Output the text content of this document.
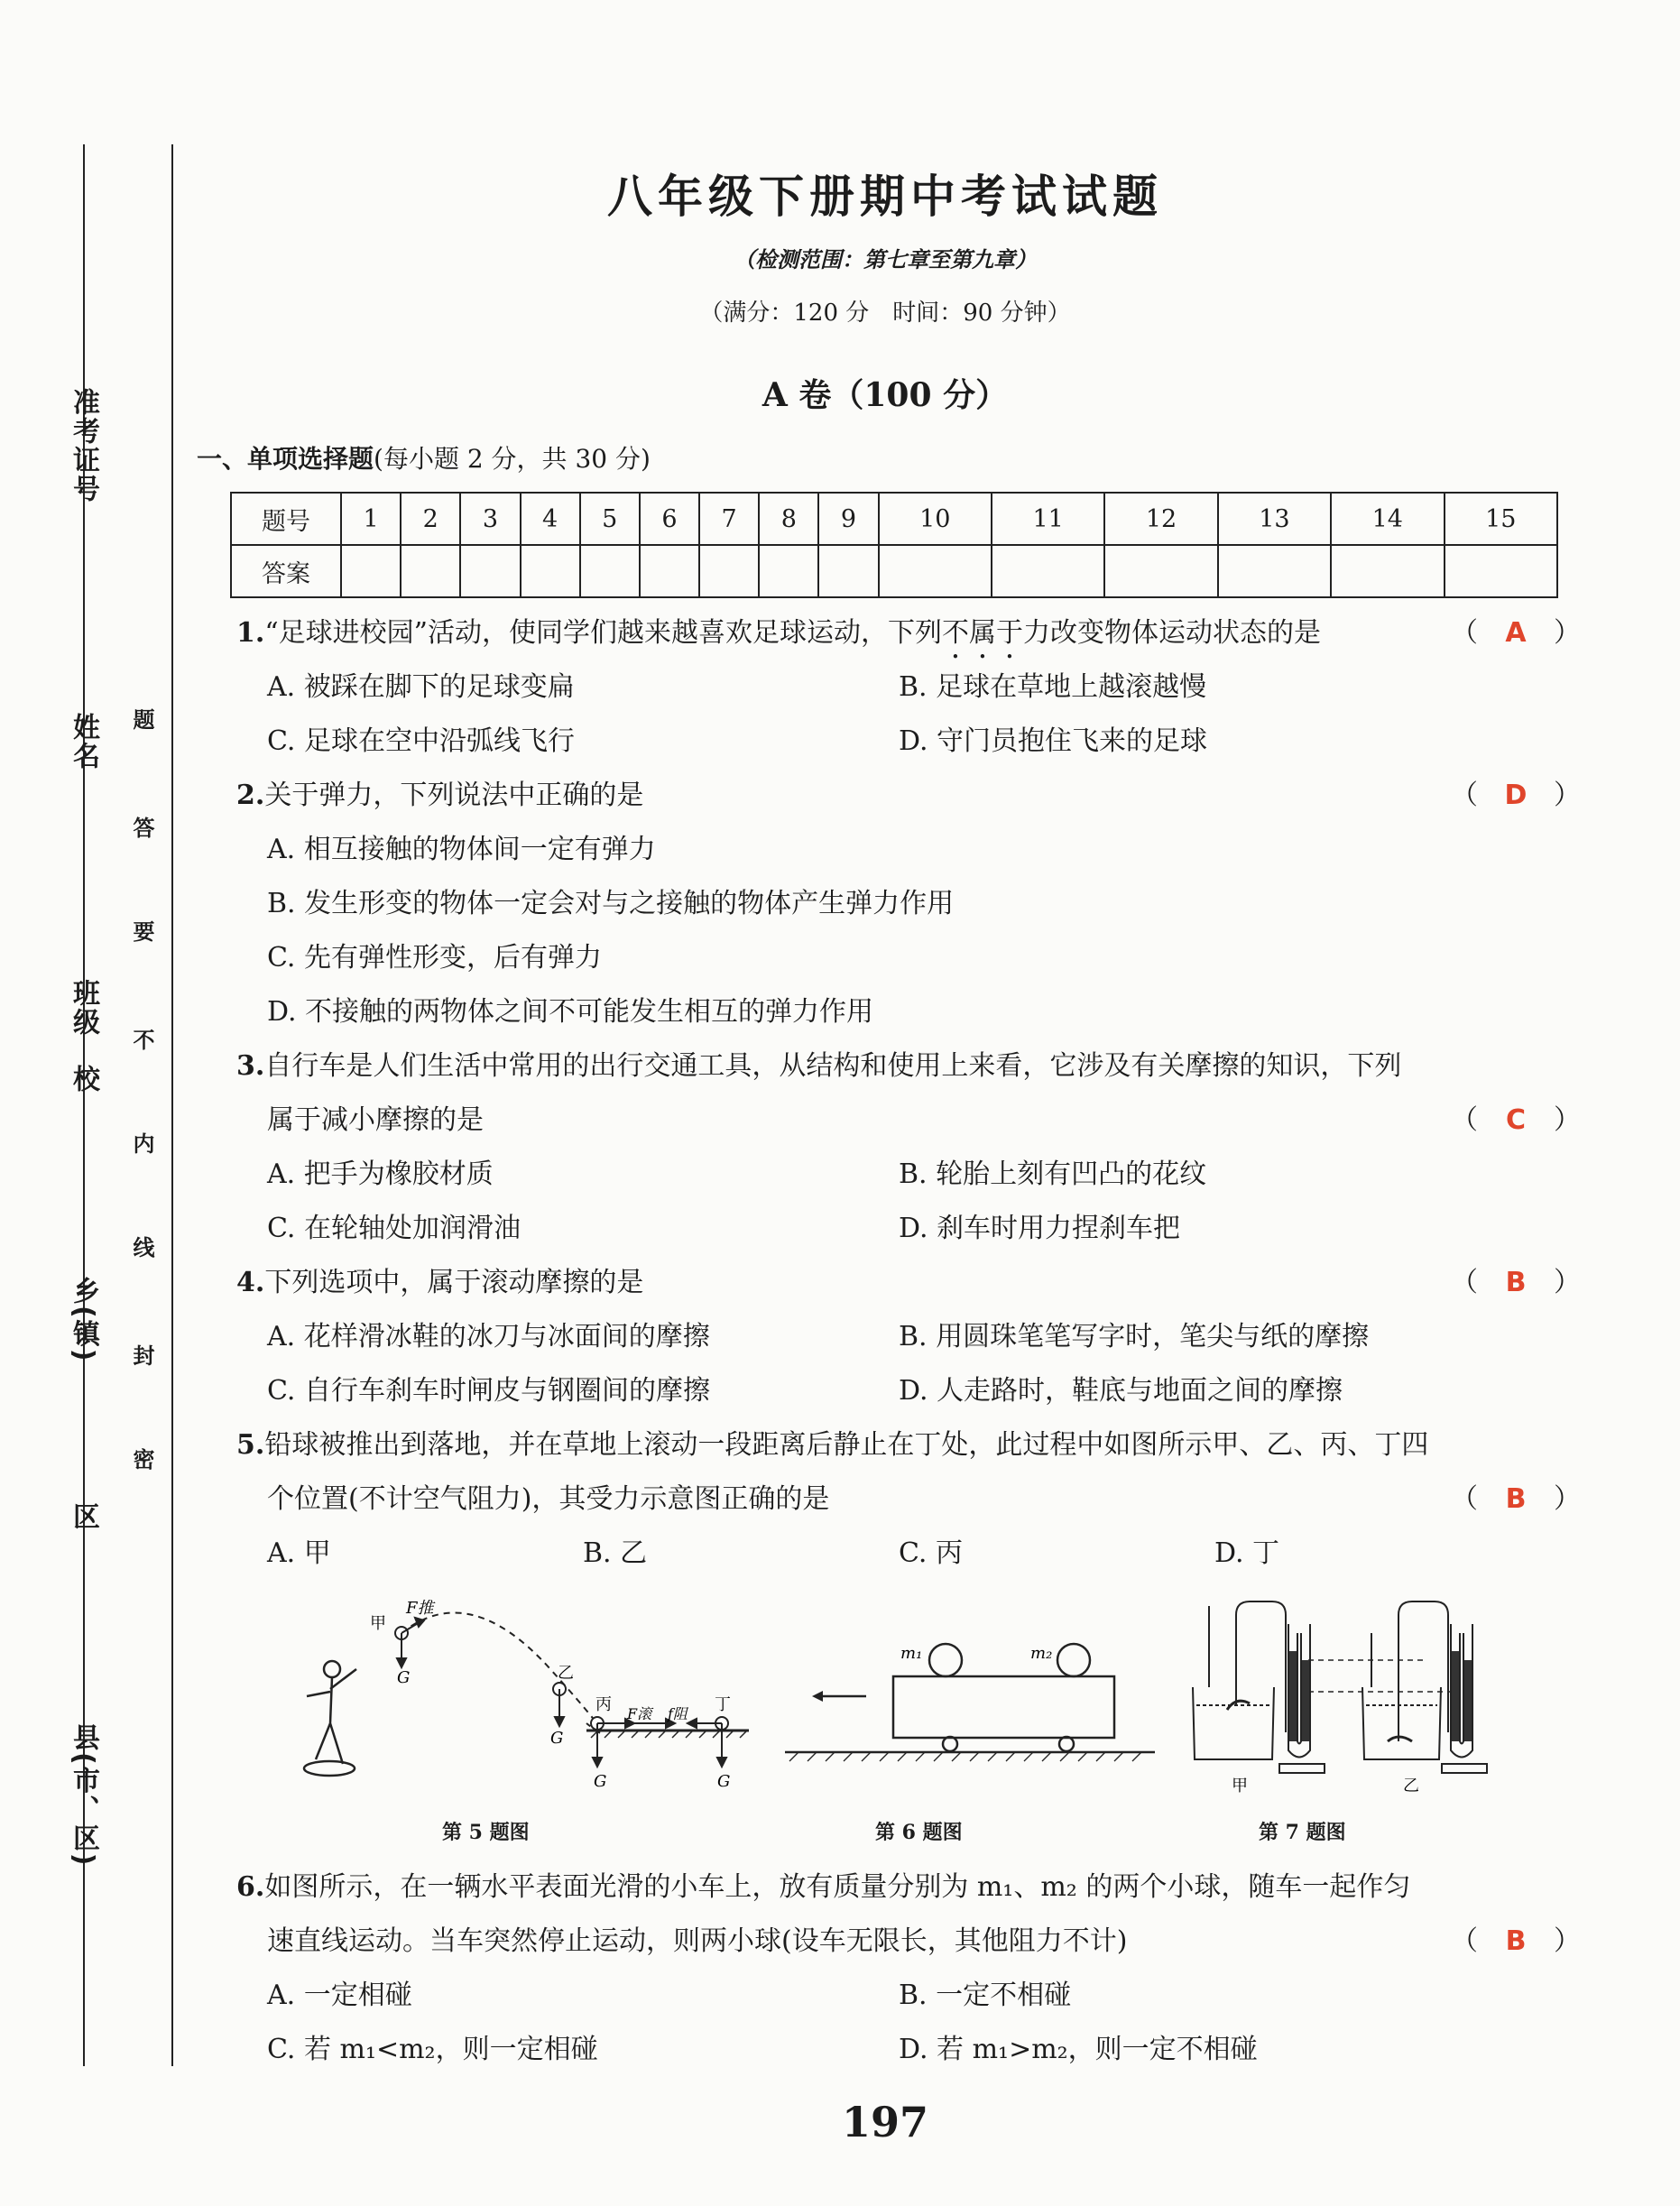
准考证号
姓名
班级
校
乡(镇)
区
县(市、区)
密
封
线
内
不
要
答
题
八年级下册期中考试试题
（检测范围：第七章至第九章）
（满分：120 分　时间：90 分钟）
A 卷（100 分）
一、单项选择题(每小题 2 分，共 30 分)
题号	1	2	3	4	5	6	7	8	9	10	11	12	13	14	15
答案															
1.“足球进校园”活动，使同学们越来越喜欢足球运动，下列不属于力改变物体运动状态的是	（ A ）
A. 被踩在脚下的足球变扁	B. 足球在草地上越滚越慢
C. 足球在空中沿弧线飞行	D. 守门员抱住飞来的足球
2.关于弹力，下列说法中正确的是	（ D ）
A. 相互接触的物体间一定有弹力
B. 发生形变的物体一定会对与之接触的物体产生弹力作用
C. 先有弹性形变，后有弹力
D. 不接触的两物体之间不可能发生相互的弹力作用
3.自行车是人们生活中常用的出行交通工具，从结构和使用上来看，它涉及有关摩擦的知识，下列
属于减小摩擦的是	（ C ）
A. 把手为橡胶材质	B. 轮胎上刻有凹凸的花纹
C. 在轮轴处加润滑油	D. 刹车时用力捏刹车把
4.下列选项中，属于滚动摩擦的是	（ B ）
A. 花样滑冰鞋的冰刀与冰面间的摩擦	B. 用圆珠笔笔写字时，笔尖与纸的摩擦
C. 自行车刹车时闸皮与钢圈间的摩擦	D. 人走路时，鞋底与地面之间的摩擦
5.铅球被推出到落地，并在草地上滚动一段距离后静止在丁处，此过程中如图所示甲、乙、丙、丁四
个位置(不计空气阻力)，其受力示意图正确的是	（ B ）
A. 甲	B. 乙	C. 丙	D. 丁
甲
F推
G	乙
G
丙 F滚 f阻 丁
G	G
m₁	m₂
甲	乙
第 5 题图	第 6 题图	第 7 题图
6.如图所示，在一辆水平表面光滑的小车上，放有质量分别为 m₁、m₂ 的两个小球，随车一起作匀
速直线运动。当车突然停止运动，则两小球(设车无限长，其他阻力不计)	（ B ）
A. 一定相碰	B. 一定不相碰
C. 若 m₁<m₂，则一定相碰	D. 若 m₁>m₂，则一定不相碰
197
